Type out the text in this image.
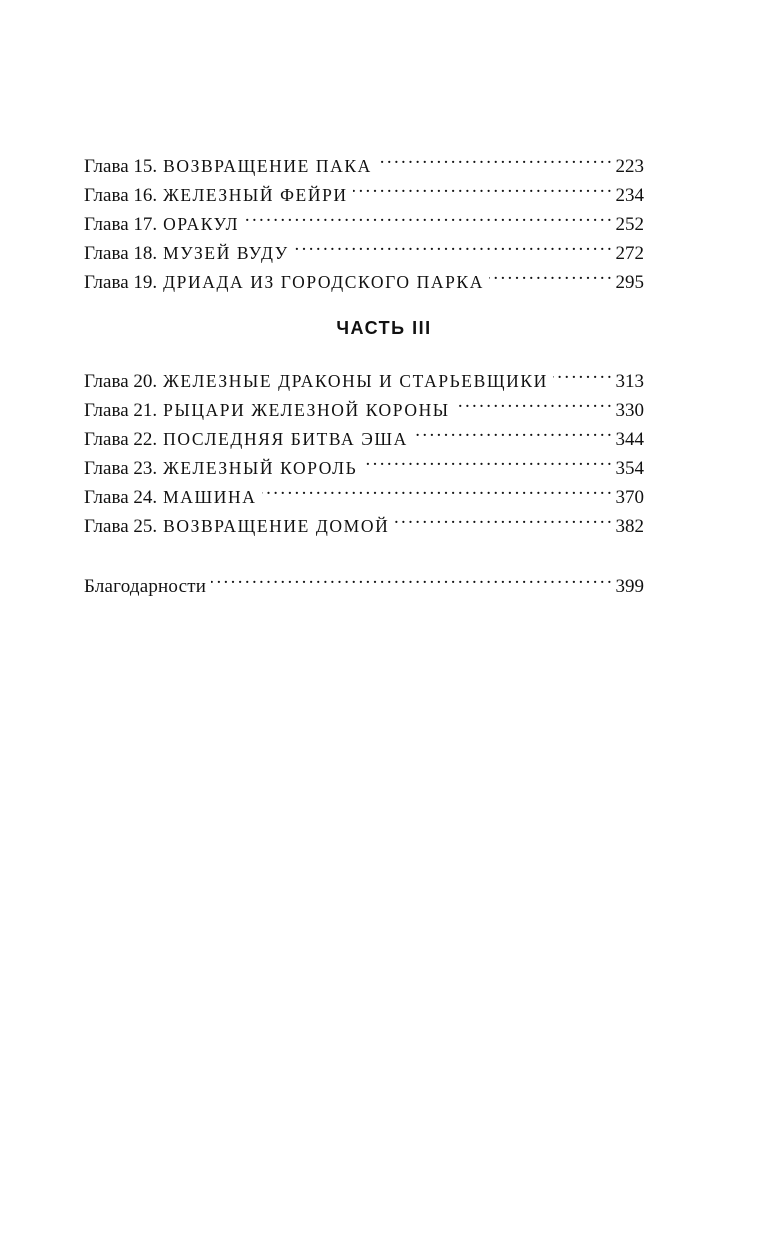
Глава 15. ВОЗВРАЩЕНИЕ ПАКА . . .	223
Глава 16. ЖЕЛЕЗНЫЙ ФЕЙРИ . . .	234
Глава 17. ОРАКУЛ . . .	252
Глава 18. МУЗЕЙ ВУДУ . . .	272
Глава 19. ДРИАДА ИЗ ГОРОДСКОГО ПАРКА . . .	295
ЧАСТЬ III
Глава 20. ЖЕЛЕЗНЫЕ ДРАКОНЫ И СТАРЬЕВЩИКИ . . .	313
Глава 21. РЫЦАРИ ЖЕЛЕЗНОЙ КОРОНЫ . . .	330
Глава 22. ПОСЛЕДНЯЯ БИТВА ЭША . . .	344
Глава 23. ЖЕЛЕЗНЫЙ КОРОЛЬ . . .	354
Глава 24. МАШИНА . . .	370
Глава 25. ВОЗВРАЩЕНИЕ ДОМОЙ . . .	382
Благодарности . . .	399
